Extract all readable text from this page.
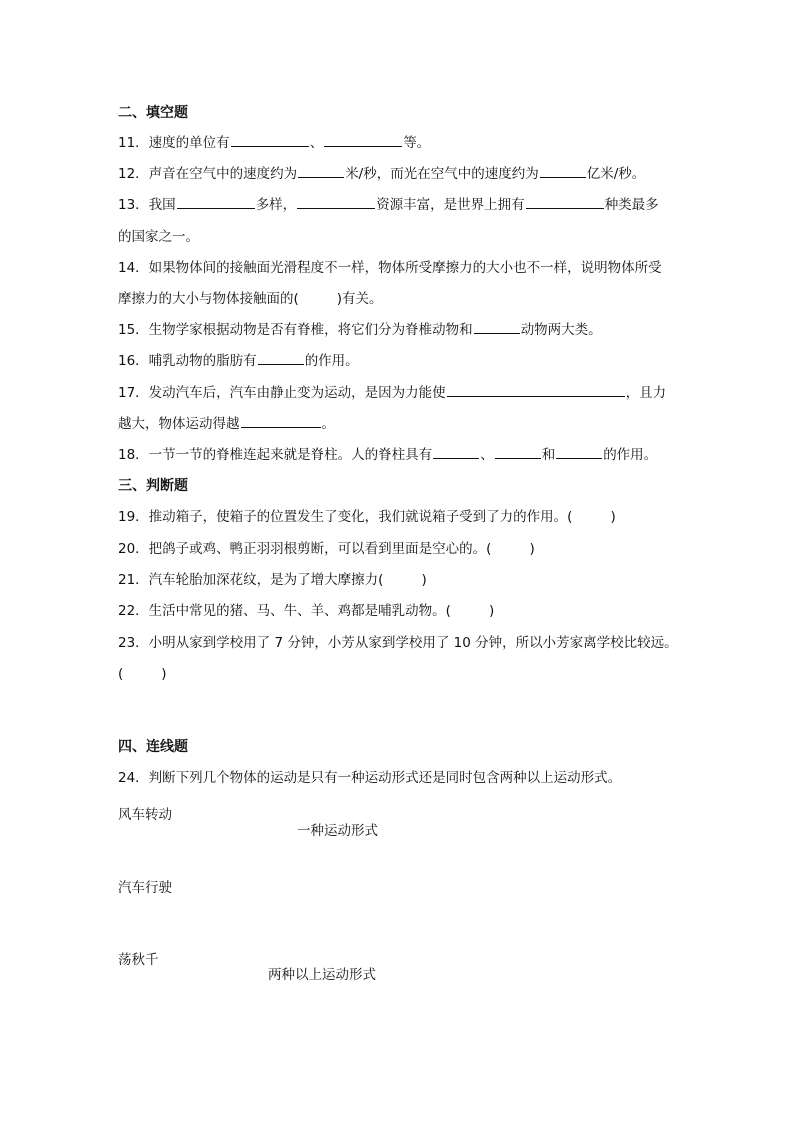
二、填空题
11．速度的单位有	、	等。
12．声音在空气中的速度约为	米/秒，而光在空气中的速度约为	亿米/秒。
13．我国	多样，	资源丰富，是世界上拥有	种类最多
的国家之一。
14．如果物体间的接触面光滑程度不一样，物体所受摩擦力的大小也不一样，说明物体所受
摩擦力的大小与物体接触面的(	)有关。
15．生物学家根据动物是否有脊椎，将它们分为脊椎动物和	动物两大类。
16．哺乳动物的脂肪有	的作用。
17．发动汽车后，汽车由静止变为运动，是因为力能使	，且力
越大，物体运动得越	。
18．一节一节的脊椎连起来就是脊柱。人的脊柱具有	、	和	的作用。
三、判断题
19．推动箱子，使箱子的位置发生了变化，我们就说箱子受到了力的作用。(	)
20．把鸽子或鸡、鸭正羽羽根剪断，可以看到里面是空心的。(	)
21．汽车轮胎加深花纹，是为了增大摩擦力(	)
22．生活中常见的猪、马、牛、羊、鸡都是哺乳动物。(	)
23．小明从家到学校用了 7 分钟，小芳从家到学校用了 10 分钟，所以小芳家离学校比较远。
(	)
四、连线题
24．判断下列几个物体的运动是只有一种运动形式还是同时包含两种以上运动形式。
风车转动
一种运动形式
汽车行驶
荡秋千
两种以上运动形式
